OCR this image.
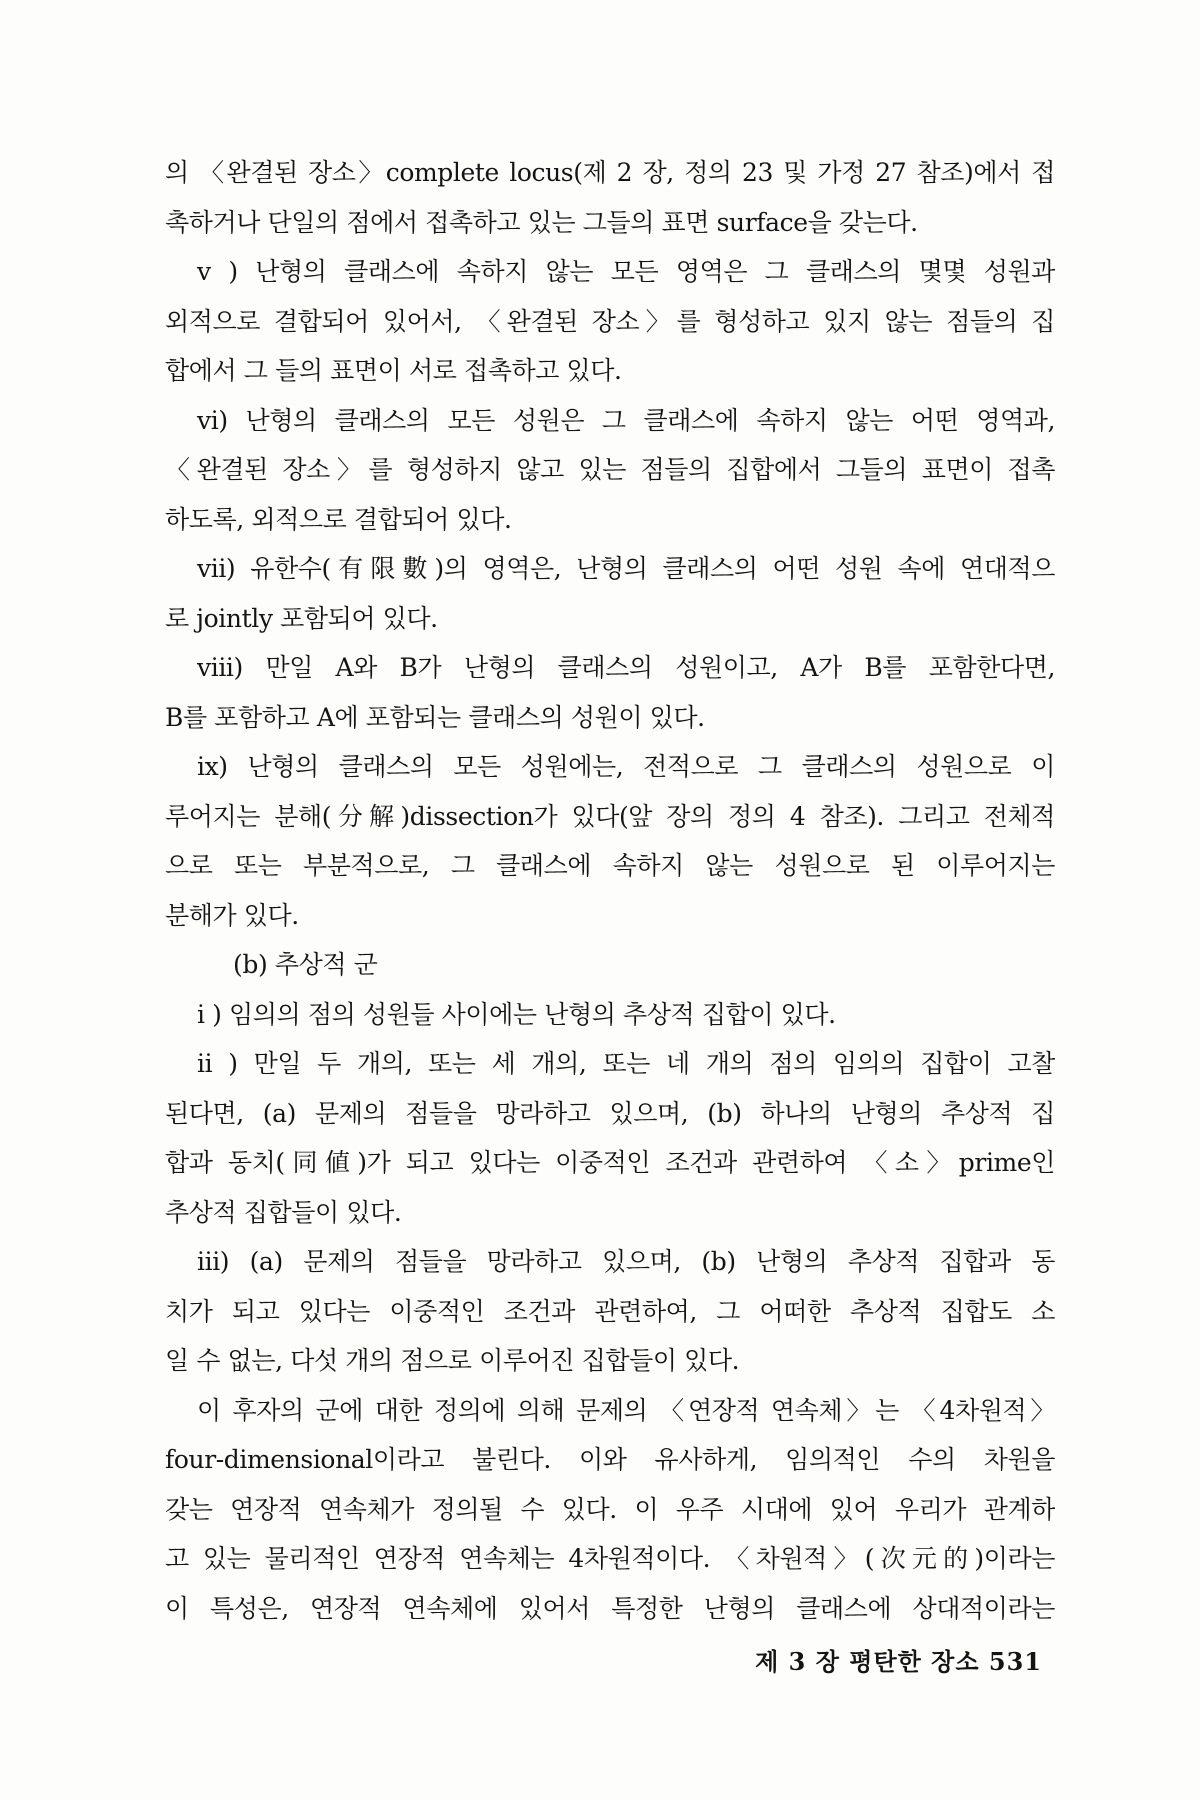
의 〈완결된 장소〉complete locus(제 2 장, 정의 23 및 가정 27 참조)에서 접
촉하거나 단일의 점에서 접촉하고 있는 그들의 표면 surface을 갖는다.
v ) 난형의 클래스에 속하지 않는 모든 영역은 그 클래스의 몇몇 성원과
외적으로 결합되어 있어서, 〈완결된 장소〉를 형성하고 있지 않는 점들의 집
합에서 그 들의 표면이 서로 접촉하고 있다.
vi) 난형의 클래스의 모든 성원은 그 클래스에 속하지 않는 어떤 영역과,
〈완결된 장소〉를 형성하지 않고 있는 점들의 집합에서 그들의 표면이 접촉
하도록, 외적으로 결합되어 있다.
vii) 유한수(有限數)의 영역은, 난형의 클래스의 어떤 성원 속에 연대적으
로 jointly 포함되어 있다.
viii) 만일 A와 B가 난형의 클래스의 성원이고, A가 B를 포함한다면,
B를 포함하고 A에 포함되는 클래스의 성원이 있다.
ix) 난형의 클래스의 모든 성원에는, 전적으로 그 클래스의 성원으로 이
루어지는 분해(分解)dissection가 있다(앞 장의 정의 4 참조). 그리고 전체적
으로 또는 부분적으로, 그 클래스에 속하지 않는 성원으로 된 이루어지는
분해가 있다.
(b) 추상적 군
i ) 임의의 점의 성원들 사이에는 난형의 추상적 집합이 있다.
ii ) 만일 두 개의, 또는 세 개의, 또는 네 개의 점의 임의의 집합이 고찰
된다면, (a) 문제의 점들을 망라하고 있으며, (b) 하나의 난형의 추상적 집
합과 동치(同値)가 되고 있다는 이중적인 조건과 관련하여 〈소〉prime인
추상적 집합들이 있다.
iii) (a) 문제의 점들을 망라하고 있으며, (b) 난형의 추상적 집합과 동
치가 되고 있다는 이중적인 조건과 관련하여, 그 어떠한 추상적 집합도 소
일 수 없는, 다섯 개의 점으로 이루어진 집합들이 있다.
이 후자의 군에 대한 정의에 의해 문제의 〈연장적 연속체〉는 〈4차원적〉
four-dimensional이라고 불린다. 이와 유사하게, 임의적인 수의 차원을
갖는 연장적 연속체가 정의될 수 있다. 이 우주 시대에 있어 우리가 관계하
고 있는 물리적인 연장적 연속체는 4차원적이다. 〈차원적〉(次元的)이라는
이 특성은, 연장적 연속체에 있어서 특정한 난형의 클래스에 상대적이라는
제 3 장 평탄한 장소 531
